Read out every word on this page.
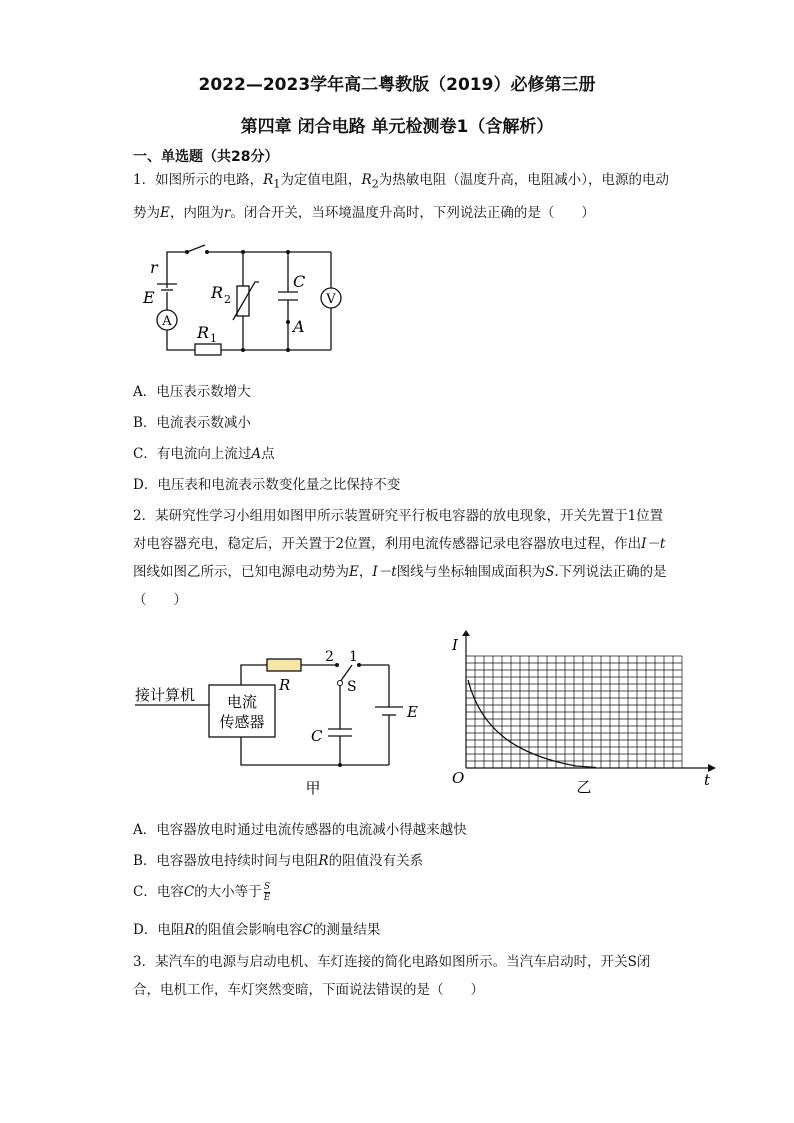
2022—2023学年高二粤教版（2019）必修第三册
第四章 闭合电路 单元检测卷1（含解析）
一、单选题（共28分）
1．如图所示的电路，$R_1$为定值电阻，$R_2$为热敏电阻（温度升高，电阻减小），电源的电动势为E，内阻为r。闭合开关，当环境温度升高时，下列说法正确的是（　　）
r
E
A
R 2
C
A
V
R 1
A．电压表示数增大
B．电流表示数减小
C．有电流向上流过A点
D．电压表和电流表示数变化量之比保持不变
2．某研究性学习小组用如图甲所示装置研究平行板电容器的放电现象，开关先置于1位置对电容器充电，稳定后，开关置于2位置，利用电流传感器记录电容器放电过程，作出I－t图线如图乙所示，已知电源电动势为E，I－t图线与坐标轴围成面积为S.下列说法正确的是（　　）
接计算机 电流
传感器
R
2 1
S
C
E
甲
I
O	t
乙
A．电容器放电时通过电流传感器的电流减小得越来越快
B．电容器放电持续时间与电阻R的阻值没有关系
C．电容C的大小等于 $\frac{S}{E}$
D．电阻R的阻值会影响电容C的测量结果
3．某汽车的电源与启动电机、车灯连接的简化电路如图所示。当汽车启动时，开关S闭合，电机工作，车灯突然变暗，下面说法错误的是（　　）
